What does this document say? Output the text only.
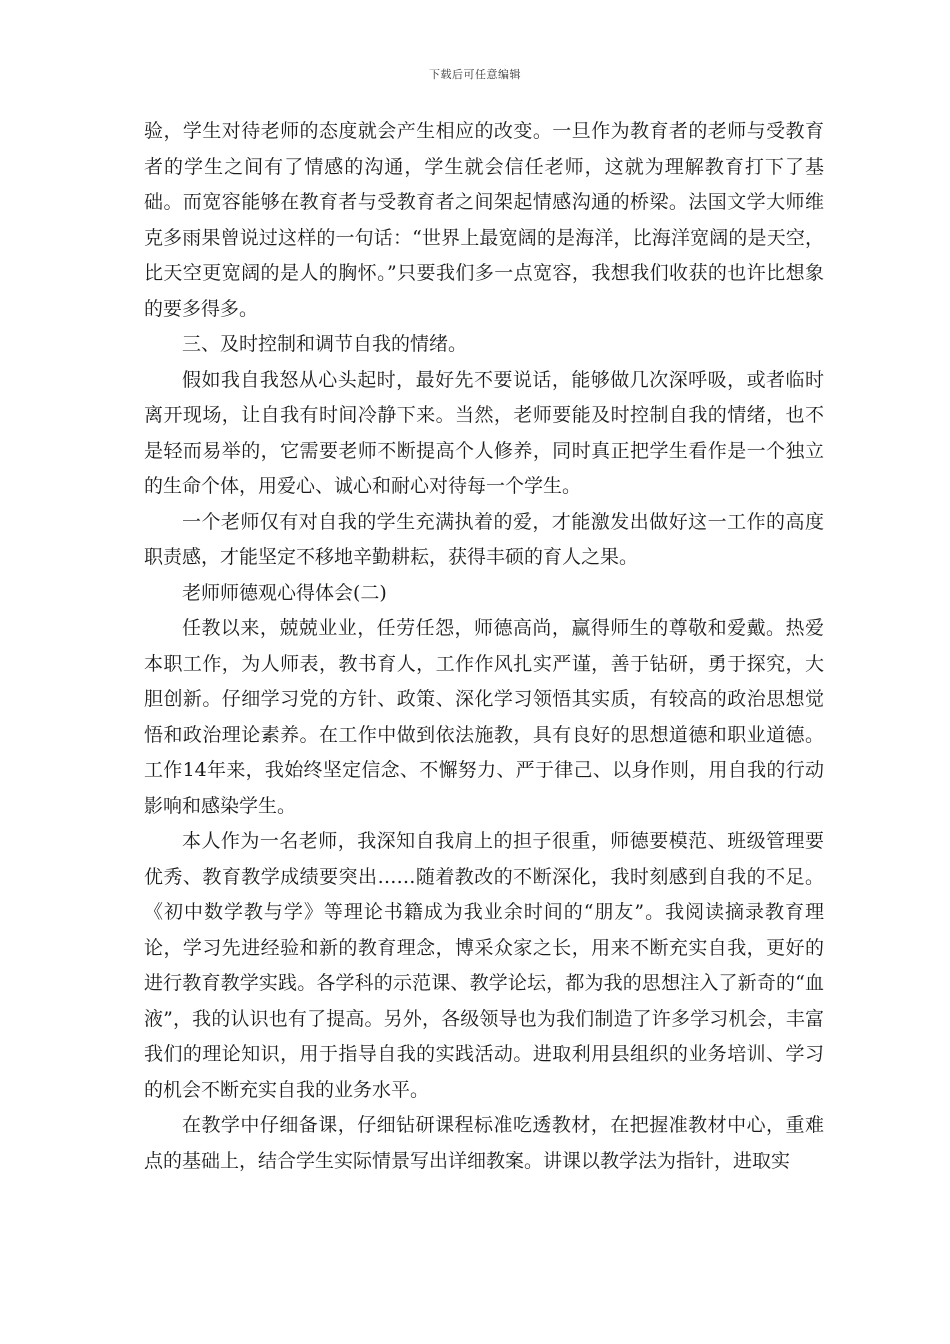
下载后可任意编辑

验，学生对待老师的态度就会产生相应的改变。一旦作为教育者的老师与受教育者的学生之间有了情感的沟通，学生就会信任老师，这就为理解教育打下了基础。而宽容能够在教育者与受教育者之间架起情感沟通的桥梁。法国文学大师维克多雨果曾说过这样的一句话：“世界上最宽阔的是海洋，比海洋宽阔的是天空，比天空更宽阔的是人的胸怀。”只要我们多一点宽容，我想我们收获的也许比想象的要多得多。

三、及时控制和调节自我的情绪。

假如我自我怒从心头起时，最好先不要说话，能够做几次深呼吸，或者临时离开现场，让自我有时间冷静下来。当然，老师要能及时控制自我的情绪，也不是轻而易举的，它需要老师不断提高个人修养，同时真正把学生看作是一个独立的生命个体，用爱心、诚心和耐心对待每一个学生。

一个老师仅有对自我的学生充满执着的爱，才能激发出做好这一工作的高度职责感，才能坚定不移地辛勤耕耘，获得丰硕的育人之果。

老师师德观心得体会(二)

任教以来，兢兢业业，任劳任怨，师德高尚，赢得师生的尊敬和爱戴。热爱本职工作，为人师表，教书育人，工作作风扎实严谨，善于钻研，勇于探究，大胆创新。仔细学习党的方针、政策、深化学习领悟其实质，有较高的政治思想觉悟和政治理论素养。在工作中做到依法施教，具有良好的思想道德和职业道德。工作14年来，我始终坚定信念、不懈努力、严于律己、以身作则，用自我的行动影响和感染学生。

本人作为一名老师，我深知自我肩上的担子很重，师德要模范、班级管理要优秀、教育教学成绩要突出……随着教改的不断深化，我时刻感到自我的不足。《初中数学教与学》等理论书籍成为我业余时间的“朋友”。我阅读摘录教育理论，学习先进经验和新的教育理念，博采众家之长，用来不断充实自我，更好的进行教育教学实践。各学科的示范课、教学论坛，都为我的思想注入了新奇的“血液”，我的认识也有了提高。另外，各级领导也为我们制造了许多学习机会，丰富我们的理论知识，用于指导自我的实践活动。进取利用县组织的业务培训、学习的机会不断充实自我的业务水平。

在教学中仔细备课，仔细钻研课程标准吃透教材，在把握准教材中心，重难点的基础上，结合学生实际情景写出详细教案。讲课以教学法为指针，进取实
